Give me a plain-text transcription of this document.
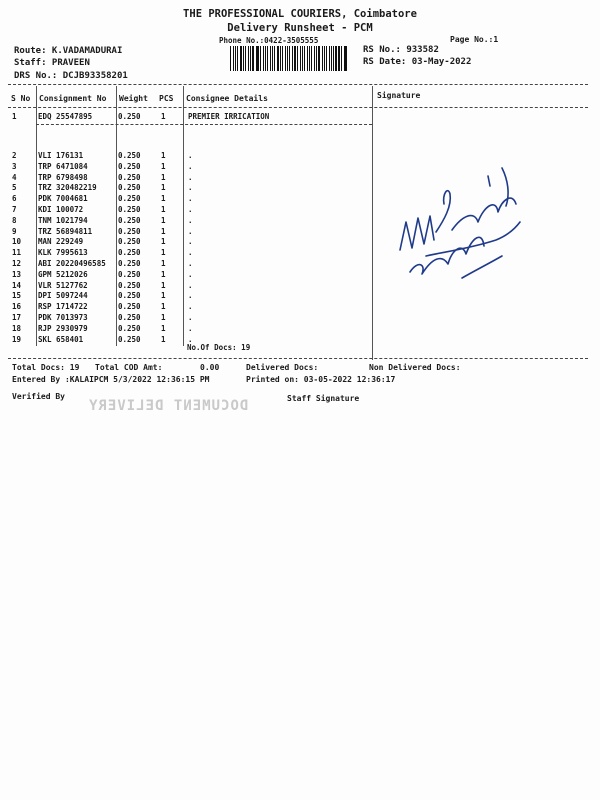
THE PROFESSIONAL COURIERS, Coimbatore
Delivery Runsheet - PCM
Phone No.:0422-3505555	Page No.:1
Route: K.VADAMADURAI
Staff: PRAVEEN
DRS No.: DCJB93358201
RS No.: 933582
RS Date: 03-May-2022
S No Consignment No Weight PCS Consignee Details	Signature
1	EDQ 25547895	0.250	1	PREMIER IRRICATION
2	VLI 176131	0.250	1	.
3	TRP 6471084	0.250	1	.
4	TRP 6798498	0.250	1	.
5	TRZ 320482219	0.250	1	.
6	PDK 7004681	0.250	1	.
7	KDI 100072	0.250	1	.
8	TNM 1021794	0.250	1	.
9	TRZ 56894811	0.250	1	.
10 MAN 229249	0.250	1	.
11 KLK 7995613	0.250	1	.
12 ABI 20220496585 0.250	1	.
13 GPM 5212026	0.250	1	.
14 VLR 5127762	0.250	1	.
15 DPI 5097244	0.250	1	.
16 RSP 1714722	0.250	1	.
17 PDK 7013973	0.250	1	.
18 RJP 2930979	0.250	1	.
19 SKL 658401	0.250	1	.
No.Of Docs: 19
Total Docs: 19 Total COD Amt:	0.00	Delivered Docs:	Non Delivered Docs:
Entered By :KALAIPCM 5/3/2022 12:36:15 PM	Printed on: 03-05-2022 12:36:17
Verified By	Staff Signature
DOCUMENT DELIVERY
